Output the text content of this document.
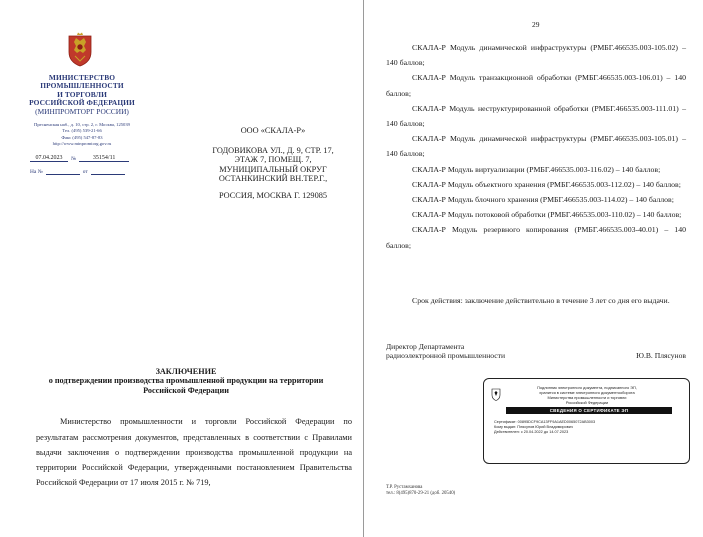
МИНИСТЕРСТВО
ПРОМЫШЛЕННОСТИ
И ТОРГОВЛИ
РОССИЙСКОЙ ФЕДЕРАЦИИ
(МИНПРОМТОРГ РОССИИ)
Пресненская наб., д. 10, стр. 2, г. Москва, 125039
Тел. (495) 539-21-66
Факс (495) 547-87-83
http://www.minpromtorg.gov.ru
07.04.2023	№	35154/11
На №	от
ООО «СКАЛА-Р»
ГОДОВИКОВА УЛ., Д. 9, СТР. 17,
ЭТАЖ 7, ПОМЕЩ. 7,
МУНИЦИПАЛЬНЫЙ ОКРУГ
ОСТАНКИНСКИЙ ВН.ТЕР.Г.,
РОССИЯ, МОСКВА Г. 129085
ЗАКЛЮЧЕНИЕ
о подтверждении производства промышленной продукции на территории
Российской Федерации

Министерство промышленности и торговли Российской Федерации по результатам рассмотрения документов, представленных в соответствии с Правилами выдачи заключения о подтверждении производства промышленной продукции на территории Российской Федерации, утвержденными постановлением Правительства Российской Федерации от 17 июля 2015 г. № 719,

29

СКАЛА-Р Модуль динамической инфраструктуры (РМБГ.466535.003-105.02) – 140 баллов;

СКАЛА-Р Модуль транзакционной обработки (РМБГ.466535.003-106.01) – 140 баллов;

СКАЛА-Р Модуль неструктурированной обработки (РМБГ.466535.003-111.01) – 140 баллов;

СКАЛА-Р Модуль динамической инфраструктуры (РМБГ.466535.003-105.01) – 140 баллов;

СКАЛА-Р Модуль виртуализации (РМБГ.466535.003-116.02) – 140 баллов;

СКАЛА-Р Модуль объектного хранения (РМБГ.466535.003-112.02) – 140 баллов;

СКАЛА-Р Модуль блочного хранения (РМБГ.466535.003-114.02) – 140 баллов;

СКАЛА-Р Модуль потоковой обработки (РМБГ.466535.003-110.02) – 140 баллов;

СКАЛА-Р Модуль резервного копирования (РМБГ.466535.003-40.01) – 140 баллов;

Срок действия: заключение действительно в течение 3 лет со дня его выдачи.
Директор Департамента
радиоэлектронной промышленности	Ю.В. Плясунов
Подлинник электронного документа, подписанного ЭП,
хранится в системе электронного документооборота
Министерства промышленности и торговли
Российской Федерации
СВЕДЕНИЯ О СЕРТИФИКАТЕ ЭП
Сертификат: 00895DCF9CA13FF9A1AED0065072AB3003
Кому выдан: Плясунов Юрий Владимирович
Действителен: с 20.04.2022 до 14.07.2023
Т.Р. Рустамханова
тел.: 8(495)870-29-21 (доб. 20540)
